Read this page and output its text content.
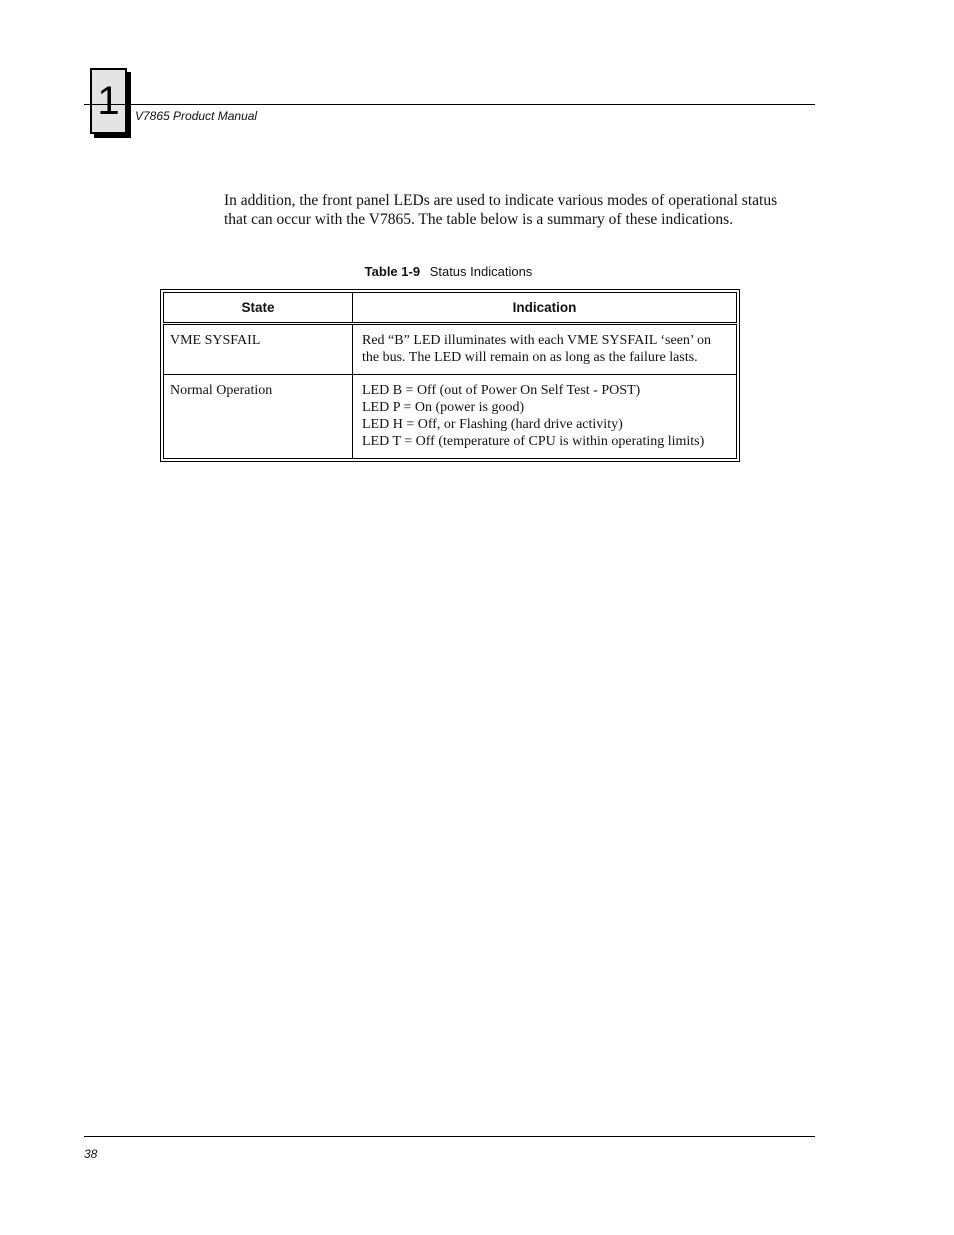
1 V7865 Product Manual

In addition, the front panel LEDs are used to indicate various modes of operational status that can occur with the V7865. The table below is a summary of these indications.

Table 1-9 Status Indications
State	Indication
VME SYSFAIL	Red “B” LED illuminates with each VME SYSFAIL ‘seen’ on the bus. The LED will remain on as long as the failure lasts.

Normal Operation	LED B = Off (out of Power On Self Test - POST)
LED P = On (power is good)
LED H = Off, or Flashing (hard drive activity)
LED T = Off (temperature of CPU is within operating limits)
38
